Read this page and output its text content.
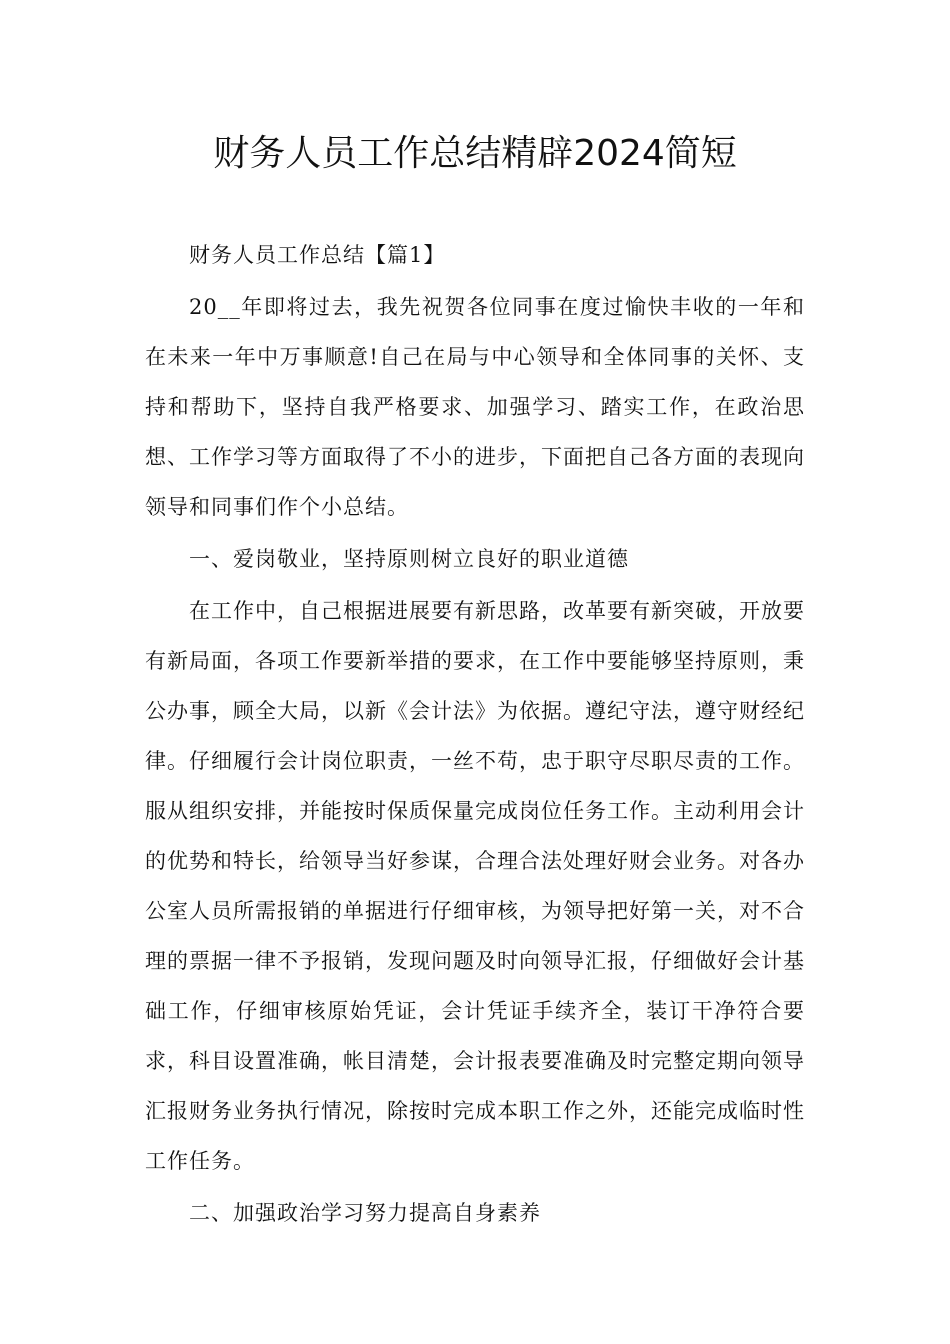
财务人员工作总结精辟2024简短

财务人员工作总结【篇1】

20__年即将过去，我先祝贺各位同事在度过愉快丰收的一年和在未来一年中万事顺意!自己在局与中心领导和全体同事的关怀、支持和帮助下，坚持自我严格要求、加强学习、踏实工作，在政治思想、工作学习等方面取得了不小的进步，下面把自己各方面的表现向领导和同事们作个小总结。

一、爱岗敬业，坚持原则树立良好的职业道德

在工作中，自己根据进展要有新思路，改革要有新突破，开放要有新局面，各项工作要新举措的要求，在工作中要能够坚持原则，秉公办事，顾全大局，以新《会计法》为依据。遵纪守法，遵守财经纪律。仔细履行会计岗位职责，一丝不苟，忠于职守尽职尽责的工作。服从组织安排，并能按时保质保量完成岗位任务工作。主动利用会计的优势和特长，给领导当好参谋，合理合法处理好财会业务。对各办公室人员所需报销的单据进行仔细审核，为领导把好第一关，对不合理的票据一律不予报销，发现问题及时向领导汇报，仔细做好会计基础工作，仔细审核原始凭证，会计凭证手续齐全，装订干净符合要求，科目设置准确，帐目清楚，会计报表要准确及时完整定期向领导汇报财务业务执行情况，除按时完成本职工作之外，还能完成临时性工作任务。

二、加强政治学习努力提高自身素养
